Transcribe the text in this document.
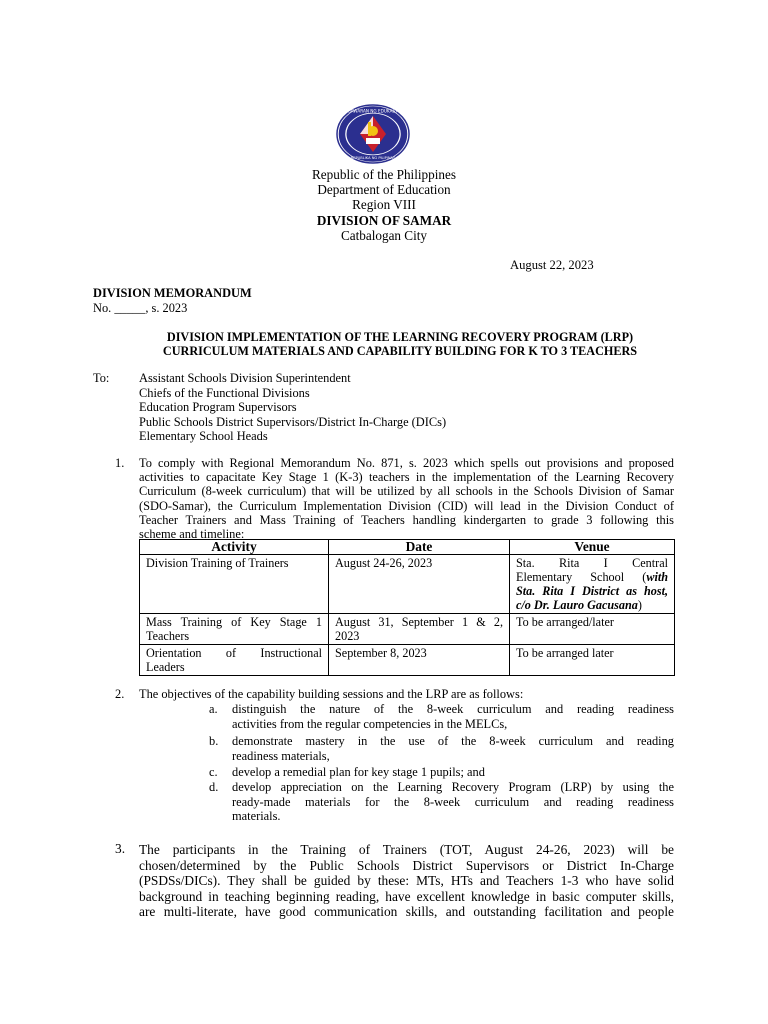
KAGAWARAN NG EDUKASYON
REPUBLIKA NG PILIPINAS
Republic of the Philippines
Department of Education
Region VIII
DIVISION OF SAMAR
Catbalogan City
August 22, 2023
DIVISION MEMORANDUM
No. _____, s. 2023
DIVISION IMPLEMENTATION OF THE LEARNING RECOVERY PROGRAM (LRP)
CURRICULUM MATERIALS AND CAPABILITY BUILDING FOR K TO 3 TEACHERS
To: Assistant Schools Division Superintendent
Chiefs of the Functional Divisions
Education Program Supervisors
Public Schools District Supervisors/District In-Charge (DICs)
Elementary School Heads
1. To comply with Regional Memorandum No. 871, s. 2023 which spells out provisions and proposed
activities to capacitate Key Stage 1 (K-3) teachers in the implementation of the Learning Recovery
Curriculum (8-week curriculum) that will be utilized by all schools in the Schools Division of Samar
(SDO-Samar), the Curriculum Implementation Division (CID) will lead in the Division Conduct of
Teacher Trainers and Mass Training of Teachers handling kindergarten to grade 3 following this
scheme and timeline:
Activity	Date	Venue

Division Training of Trainers	August 24-26, 2023	Sta. Rita I Central
Elementary School (with
Sta. Rita I District as host,
c/o Dr. Lauro Gacusana)

Mass Training of Key Stage 1
Teachers	August 31, September 1 & 2,
2023	To be arranged/later

Orientation of Instructional
Leaders	September 8, 2023	To be arranged later
2. The objectives of the capability building sessions and the LRP are as follows:
a. distinguish the nature of the 8-week curriculum and reading readiness
activities from the regular competencies in the MELCs,
b. demonstrate mastery in the use of the 8-week curriculum and reading
readiness materials,
c. develop a remedial plan for key stage 1 pupils; and
d. develop appreciation on the Learning Recovery Program (LRP) by using the
ready-made materials for the 8-week curriculum and reading readiness
materials.
3. The participants in the Training of Trainers (TOT, August 24-26, 2023) will be
chosen/determined by the Public Schools District Supervisors or District In-Charge
(PSDSs/DICs). They shall be guided by these: MTs, HTs and Teachers 1-3 who have solid
background in teaching beginning reading, have excellent knowledge in basic computer skills,
are multi-literate, have good communication skills, and outstanding facilitation and people
